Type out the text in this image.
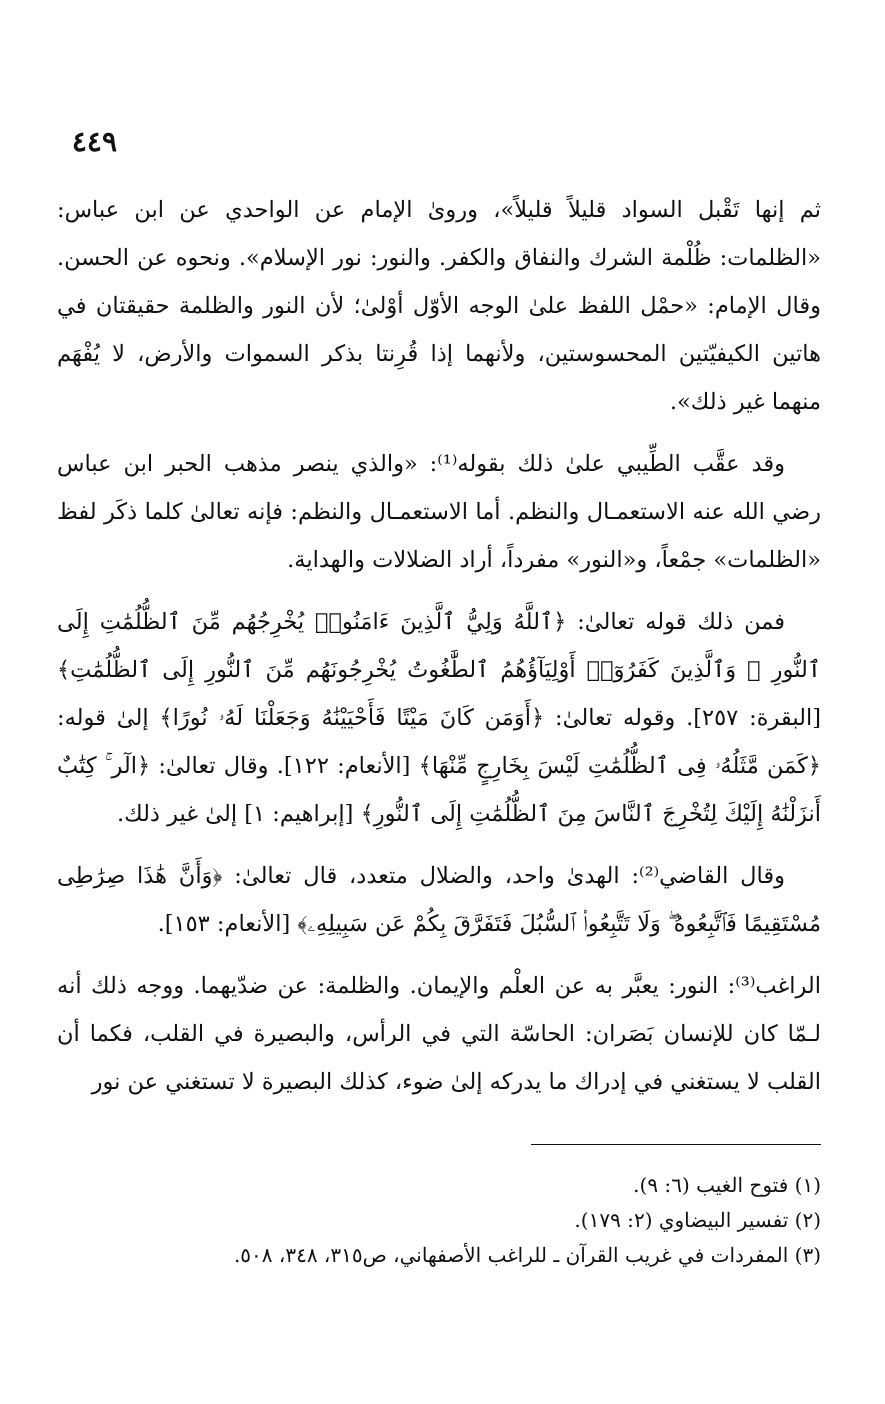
٤٤٩

ثم إنها تَقْبل السواد قليلاً قليلاً»، وروىٰ الإمام عن الواحدي عن ابن عباس: «الظلمات: ظُلْمة الشرك والنفاق والكفر. والنور: نور الإسلام». ونحوه عن الحسن. وقال الإمام: «حمْل اللفظ علىٰ الوجه الأوّل أوْلىٰ؛ لأن النور والظلمة حقيقتان في هاتين الكيفيّتين المحسوستين، ولأنهما إذا قُرِنتا بذكر السموات والأرض، لا يُفْهَم منهما غير ذلك».

وقد عقَّب الطِّيبي علىٰ ذلك بقوله⁽¹⁾: «والذي ينصر مذهب الحبر ابن عباس رضي الله عنه الاستعمـال والنظم. أما الاستعمـال والنظم: فإنه تعالىٰ كلما ذكَر لفظ «الظلمات» جمْعاً، و«النور» مفرداً، أراد الضلالات والهداية.

فمن ذلك قوله تعالىٰ: ﴿ٱللَّهُ وَلِيُّ ٱلَّذِينَ ءَامَنُوا۟ يُخْرِجُهُم مِّنَ ٱلظُّلُمَٰتِ إِلَى ٱلنُّورِ ۖ وَٱلَّذِينَ كَفَرُوٓا۟ أَوْلِيَآؤُهُمُ ٱلطَّٰغُوتُ يُخْرِجُونَهُم مِّنَ ٱلنُّورِ إِلَى ٱلظُّلُمَٰتِ﴾ [البقرة: ٢٥٧]. وقوله تعالىٰ: ﴿أَوَمَن كَانَ مَيْتًا فَأَحْيَيْنَٰهُ وَجَعَلْنَا لَهُۥ نُورًا﴾ إلىٰ قوله: ﴿كَمَن مَّثَلُهُۥ فِى ٱلظُّلُمَٰتِ لَيْسَ بِخَارِجٍ مِّنْهَا﴾ [الأنعام: ١٢٢]. وقال تعالىٰ: ﴿الٓر ۚ كِتَٰبٌ أَنزَلْنَٰهُ إِلَيْكَ لِتُخْرِجَ ٱلنَّاسَ مِنَ ٱلظُّلُمَٰتِ إِلَى ٱلنُّورِ﴾ [إبراهيم: ١] إلىٰ غير ذلك.

وقال القاضي⁽²⁾: الهدىٰ واحد، والضلال متعدد، قال تعالىٰ: ﴿وَأَنَّ هَٰذَا صِرَٰطِى مُسْتَقِيمًا فَٱتَّبِعُوهُ ۖ وَلَا تَتَّبِعُوا۟ ٱلسُّبُلَ فَتَفَرَّقَ بِكُمْ عَن سَبِيلِهِۦ﴾ [الأنعام: ١٥٣].

الراغب⁽³⁾: النور: يعبَّر به عن العلْم والإيمان. والظلمة: عن ضدّيهما. ووجه ذلك أنه لـمّا كان للإنسان بَصَران: الحاسّة التي في الرأس، والبصيرة في القلب، فكما أن القلب لا يستغني في إدراك ما يدركه إلىٰ ضوء، كذلك البصيرة لا تستغني عن نور

(١) فتوح الغيب (٦: ٩).

(٢) تفسير البيضاوي (٢: ١٧٩).

(٣) المفردات في غريب القرآن ـ للراغب الأصفهاني، ص٣١٥، ٣٤٨، ٥٠٨.
